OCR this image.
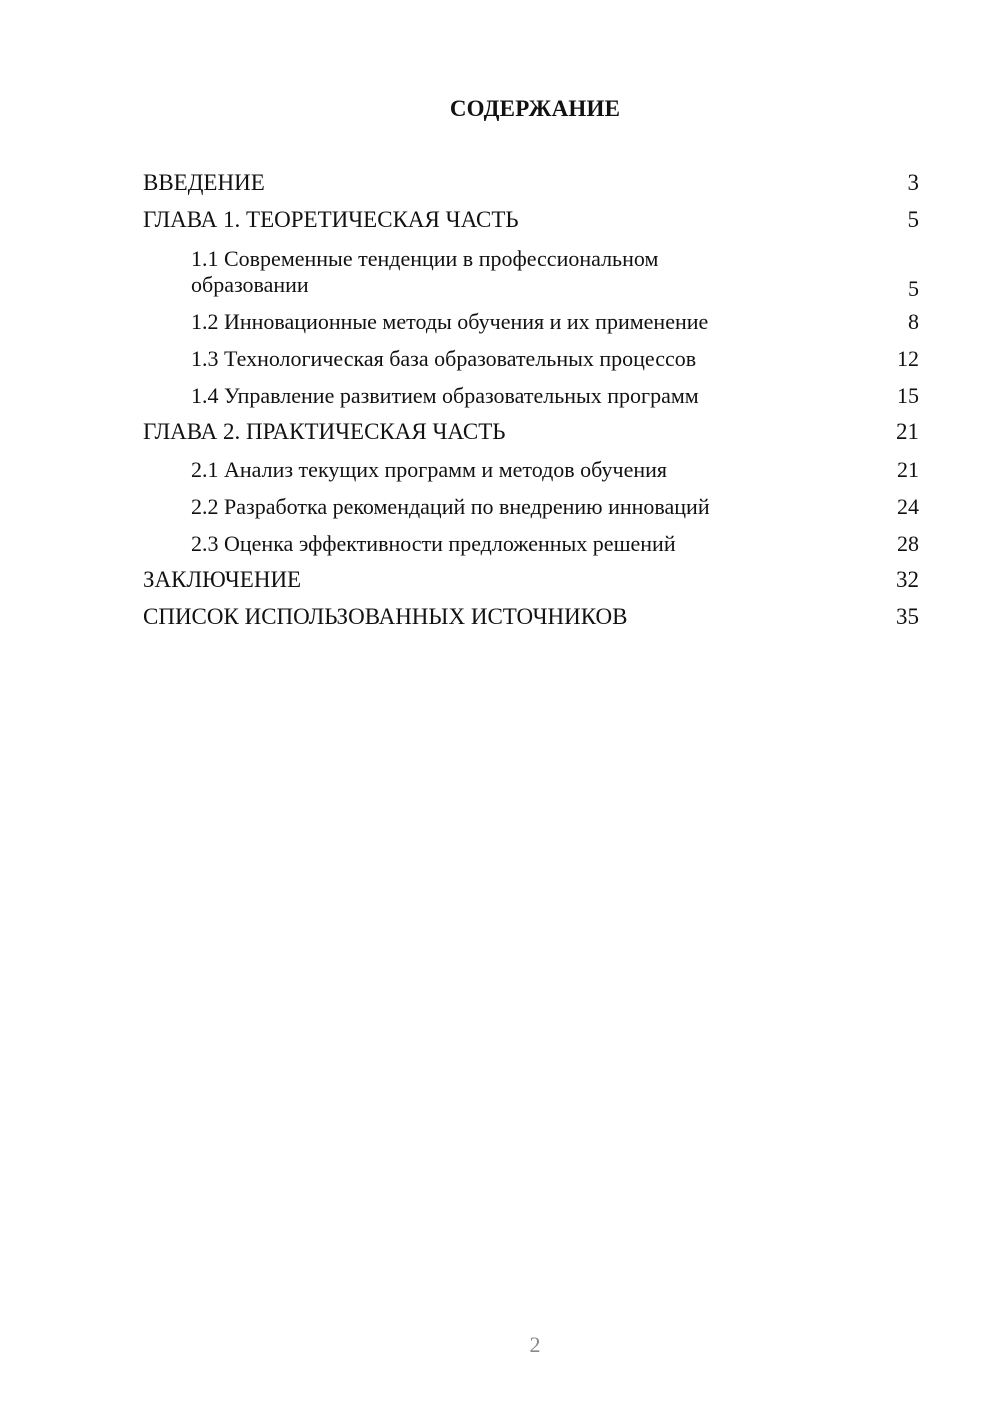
СОДЕРЖАНИЕ
ВВЕДЕНИЕ	3
ГЛАВА 1. ТЕОРЕТИЧЕСКАЯ ЧАСТЬ	5
1.1 Современные тенденции в профессиональном образовании	5
1.2 Инновационные методы обучения и их применение	8
1.3 Технологическая база образовательных процессов	12
1.4 Управление развитием образовательных программ	15
ГЛАВА 2. ПРАКТИЧЕСКАЯ ЧАСТЬ	21
2.1 Анализ текущих программ и методов обучения	21
2.2 Разработка рекомендаций по внедрению инноваций	24
2.3 Оценка эффективности предложенных решений	28
ЗАКЛЮЧЕНИЕ	32
СПИСОК ИСПОЛЬЗОВАННЫХ ИСТОЧНИКОВ	35
2
